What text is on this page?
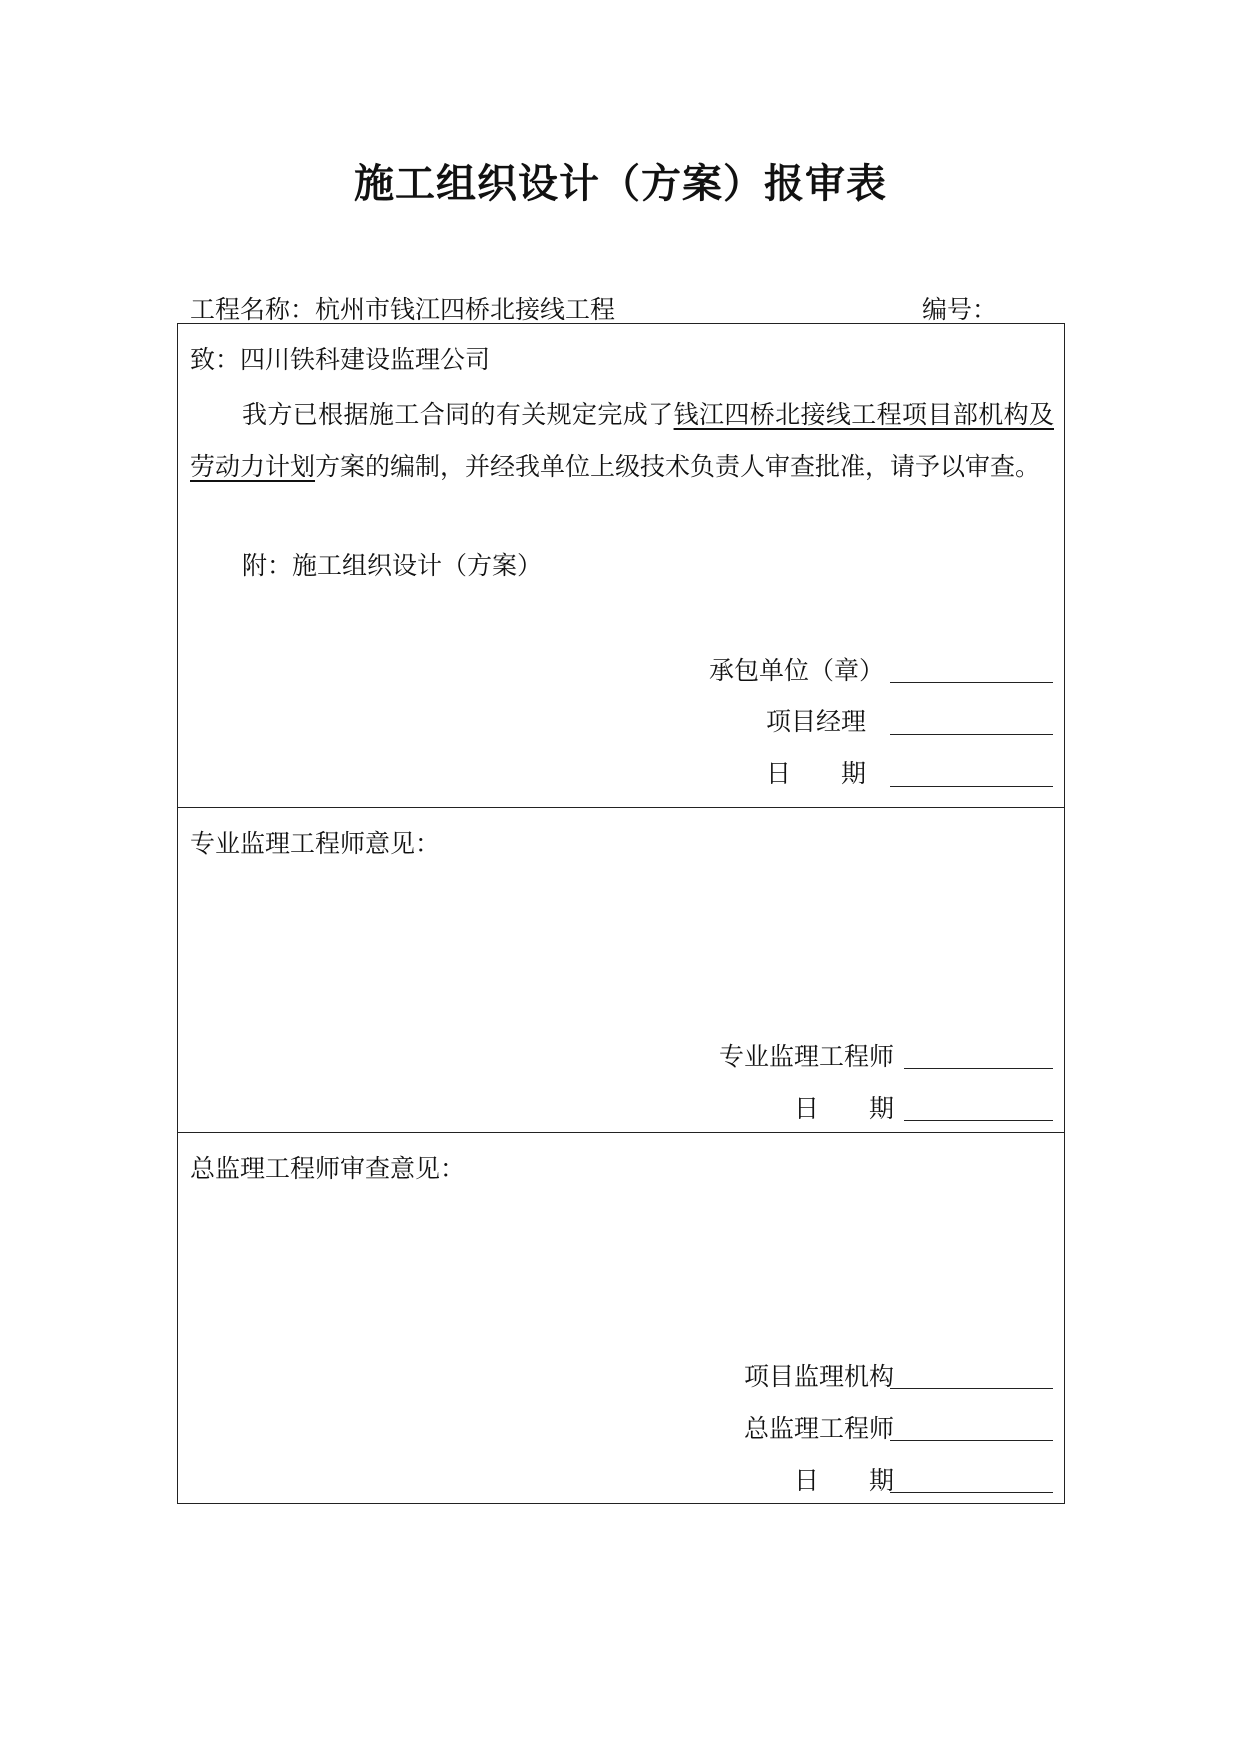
施工组织设计（方案）报审表
工程名称：杭州市钱江四桥北接线工程	编号：
致：四川铁科建设监理公司
我方已根据施工合同的有关规定完成了钱江四桥北接线工程项目部机构及劳动力计划方案的编制，并经我单位上级技术负责人审查批准，请予以审查。
附：施工组织设计（方案）
承包单位（章）
项目经理
日　　期
专业监理工程师意见：
专业监理工程师
日　　期
总监理工程师审查意见：
项目监理机构
总监理工程师
日　　期
